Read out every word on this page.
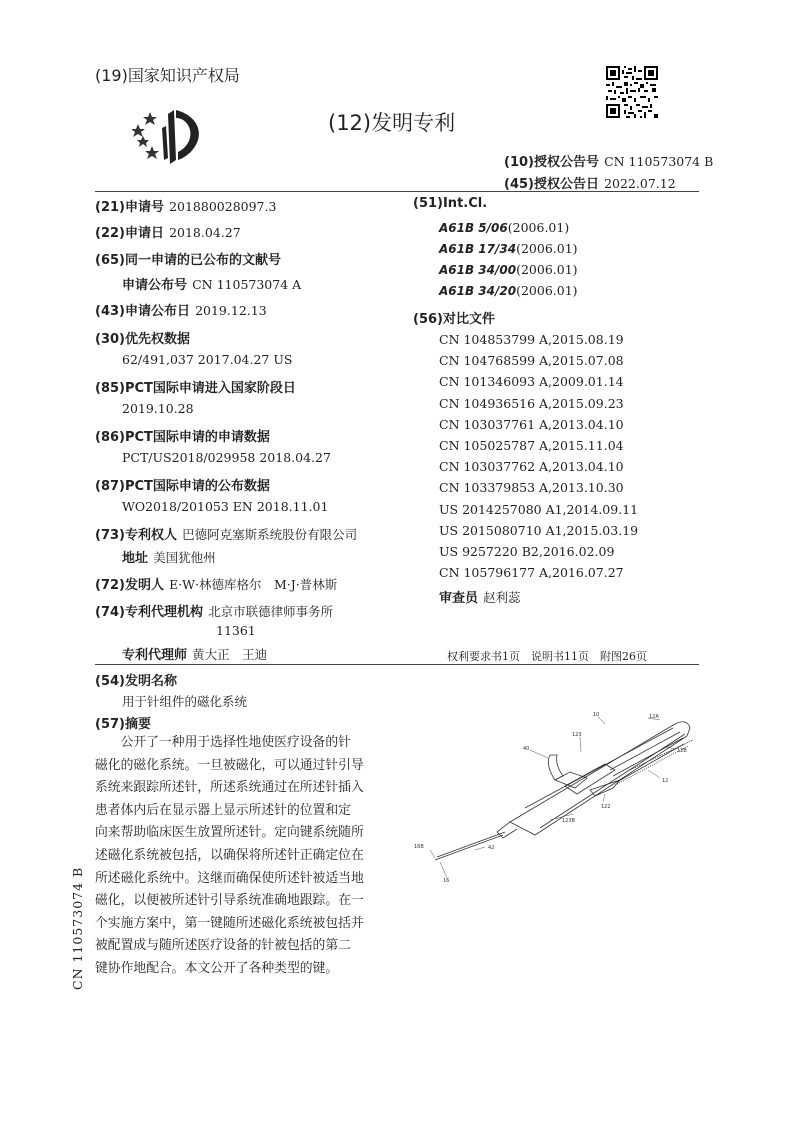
(19)国家知识产权局
(12)发明专利
(10)授权公告号 CN 110573074 B
(45)授权公告日 2022.07.12
(21)申请号 201880028097.3
(22)申请日 2018.04.27
(65)同一申请的已公布的文献号
申请公布号 CN 110573074 A
(43)申请公布日 2019.12.13
(30)优先权数据
62/491,037 2017.04.27 US
(85)PCT国际申请进入国家阶段日
2019.10.28
(86)PCT国际申请的申请数据
PCT/US2018/029958 2018.04.27
(87)PCT国际申请的公布数据
WO2018/201053 EN 2018.11.01
(73)专利权人 巴德阿克塞斯系统股份有限公司
地址 美国犹他州
(72)发明人 E·W·林德库格尔　M·J·普林斯
(74)专利代理机构 北京市联德律师事务所
11361
专利代理师 黄大正　王迪
(51)Int.Cl.
A61B 5/06(2006.01)
A61B 17/34(2006.01)
A61B 34/00(2006.01)
A61B 34/20(2006.01)
(56)对比文件
CN 104853799 A,2015.08.19
CN 104768599 A,2015.07.08
CN 101346093 A,2009.01.14
CN 104936516 A,2015.09.23
CN 103037761 A,2013.04.10
CN 105025787 A,2015.11.04
CN 103037762 A,2013.04.10
CN 103379853 A,2013.10.30
US 2014257080 A1,2014.09.11
US 2015080710 A1,2015.03.19
US 9257220 B2,2016.02.09
CN 105796177 A,2016.07.27
审查员 赵利蕊
权利要求书1页　说明书11页　附图26页
(54)发明名称
用于针组件的磁化系统
(57)摘要
　　公开了一种用于选择性地使医疗设备的针
磁化的磁化系统。一旦被磁化，可以通过针引导
系统来跟踪所述针，所述系统通过在所述针插入
患者体内后在显示器上显示所述针的位置和定
向来帮助临床医生放置所述针。定向键系统随所
述磁化系统被包括，以确保将所述针正确定位在
所述磁化系统中。这继而确保使所述针被适当地
磁化，以便被所述针引导系统准确地跟踪。在一
个实施方案中，第一键随所述磁化系统被包括并
被配置成与随所述医疗设备的针被包括的第二
键协作地配合。本文公开了各种类型的键。
10	12A
40
123
12B
12
122
123B
16B	42
16
CN 110573074 B
